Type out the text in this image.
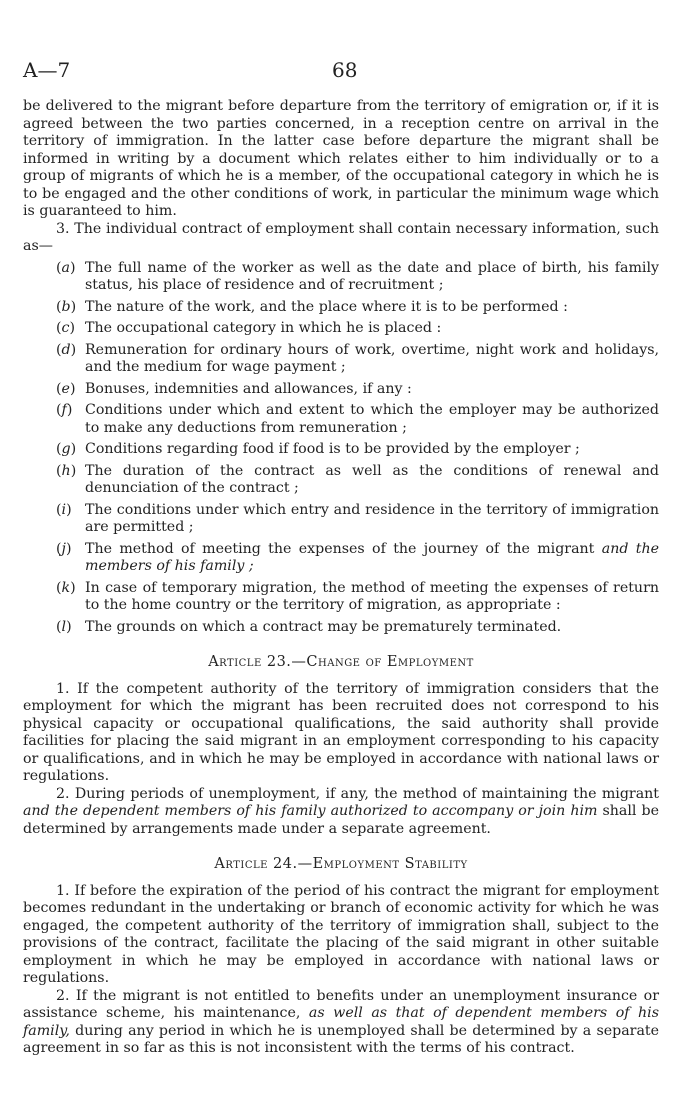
A—7	68

be delivered to the migrant before departure from the territory of emigration or, if it is agreed between the two parties concerned, in a reception centre on arrival in the territory of immigration. In the latter case before departure the migrant shall be informed in writing by a document which relates either to him individually or to a group of migrants of which he is a member, of the occupational category in which he is to be engaged and the other conditions of work, in particular the minimum wage which is guaranteed to him.

3. The individual contract of employment shall contain necessary information, such as—

(a) The full name of the worker as well as the date and place of birth, his family status, his place of residence and of recruitment ;
(b) The nature of the work, and the place where it is to be performed :
(c) The occupational category in which he is placed :
(d) Remuneration for ordinary hours of work, overtime, night work and holidays, and the medium for wage payment ;
(e) Bonuses, indemnities and allowances, if any :
(f) Conditions under which and extent to which the employer may be authorized to make any deductions from remuneration ;
(g) Conditions regarding food if food is to be provided by the employer ;
(h) The duration of the contract as well as the conditions of renewal and denunciation of the contract ;
(i) The conditions under which entry and residence in the territory of immigration are permitted ;
(j) The method of meeting the expenses of the journey of the migrant and the members of his family ;
(k) In case of temporary migration, the method of meeting the expenses of return to the home country or the territory of migration, as appropriate :
(l) The grounds on which a contract may be prematurely terminated.
Article 23.—Change of Employment

1. If the competent authority of the territory of immigration considers that the employment for which the migrant has been recruited does not correspond to his physical capacity or occupational qualifications, the said authority shall provide facilities for placing the said migrant in an employment corresponding to his capacity or qualifications, and in which he may be employed in accordance with national laws or regulations.

2. During periods of unemployment, if any, the method of maintaining the migrant and the dependent members of his family authorized to accompany or join him shall be determined by arrangements made under a separate agreement.

Article 24.—Employment Stability

1. If before the expiration of the period of his contract the migrant for employment becomes redundant in the undertaking or branch of economic activity for which he was engaged, the competent authority of the territory of immigration shall, subject to the provisions of the contract, facilitate the placing of the said migrant in other suitable employment in which he may be employed in accordance with national laws or regulations.

2. If the migrant is not entitled to benefits under an unemployment insurance or assistance scheme, his maintenance, as well as that of dependent members of his family, during any period in which he is unemployed shall be determined by a separate agreement in so far as this is not inconsistent with the terms of his contract.
